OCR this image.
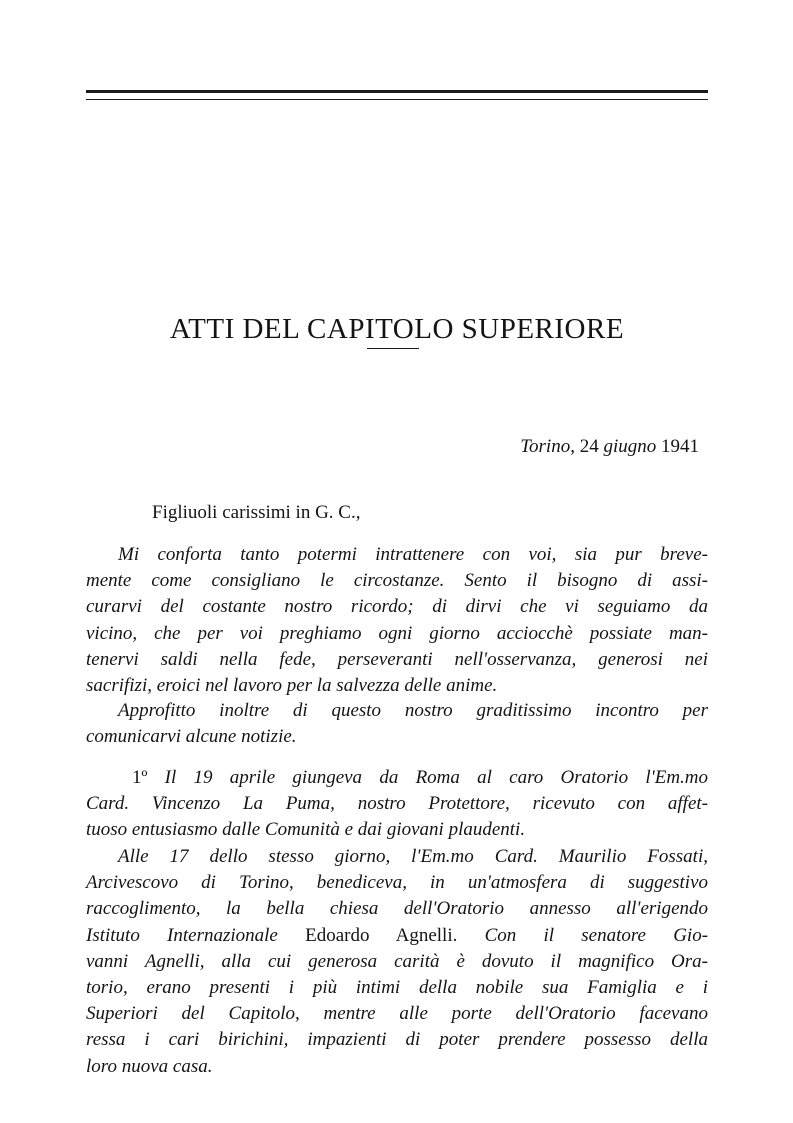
ATTI DEL CAPITOLO SUPERIORE
Torino, 24 giugno 1941
Figliuoli carissimi in G. C.,
Mi conforta tanto potermi intrattenere con voi, sia pur breve-
mente come consigliano le circostanze. Sento il bisogno di assi-
curarvi del costante nostro ricordo; di dirvi che vi seguiamo da
vicino, che per voi preghiamo ogni giorno acciocchè possiate man-
tenervi saldi nella fede, perseveranti nell'osservanza, generosi nei
sacrifizi, eroici nel lavoro per la salvezza delle anime.
Approfitto inoltre di questo nostro graditissimo incontro per
comunicarvi alcune notizie.
1º Il 19 aprile giungeva da Roma al caro Oratorio l'Em.mo
Card. Vincenzo La Puma, nostro Protettore, ricevuto con affet-
tuoso entusiasmo dalle Comunità e dai giovani plaudenti.
Alle 17 dello stesso giorno, l'Em.mo Card. Maurilio Fossati,
Arcivescovo di Torino, benediceva, in un'atmosfera di suggestivo
raccoglimento, la bella chiesa dell'Oratorio annesso all'erigendo
Istituto Internazionale Edoardo Agnelli. Con il senatore Gio-
vanni Agnelli, alla cui generosa carità è dovuto il magnifico Ora-
torio, erano presenti i più intimi della nobile sua Famiglia e i
Superiori del Capitolo, mentre alle porte dell'Oratorio facevano
ressa i cari birichini, impazienti di poter prendere possesso della
loro nuova casa.
